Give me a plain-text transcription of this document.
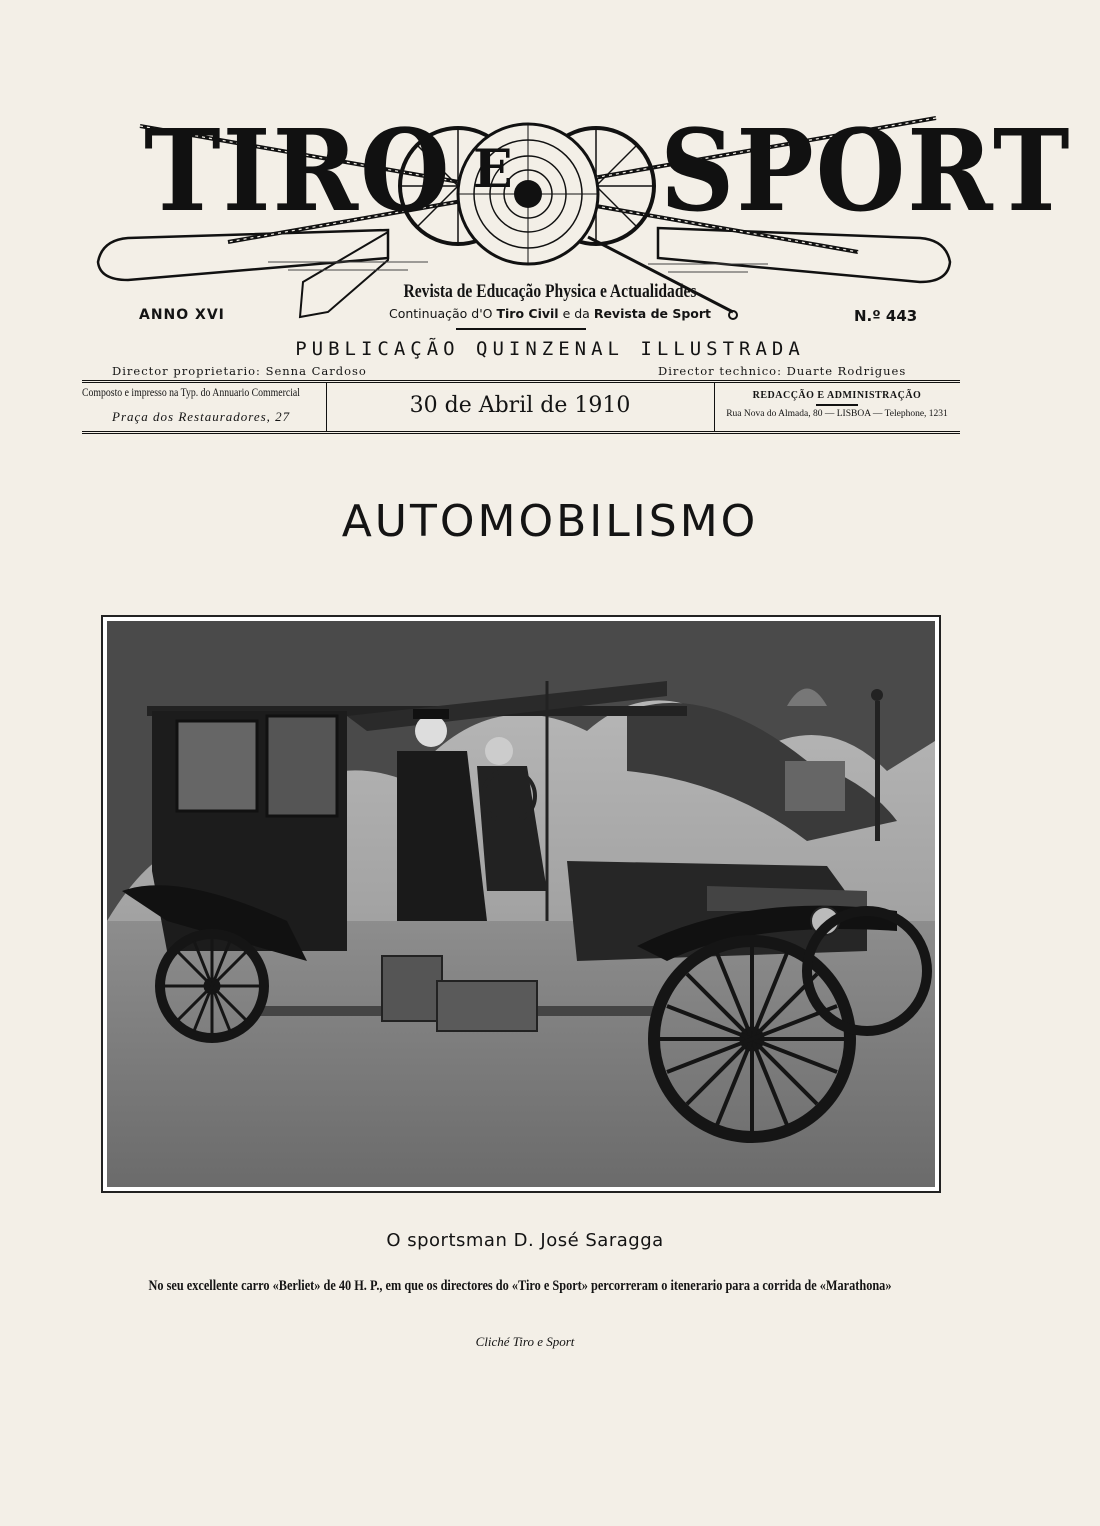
TIRO E SPORT
ANNO XVI	N.º 443
Revista de Educação Physica e Actualidades
Continuação d'O Tiro Civil e da Revista de Sport
PUBLICAÇÃO QUINZENAL ILLUSTRADA
Director proprietario: Senna Cardoso	Director technico: Duarte Rodrigues
Composto e impresso na Typ. do Annuario Commercial
Praça dos Restauradores, 27	30 de Abril de 1910	REDACÇÃO E ADMINISTRAÇÃO
Rua Nova do Almada, 80 — LISBOA — Telephone, 1231
AUTOMOBILISMO
O sportsman D. José Saragga
No seu excellente carro «Berliet» de 40 H. P., em que os directores do «Tiro e Sport» percorreram o itenerario para a corrida de «Marathona»
Cliché Tiro e Sport
